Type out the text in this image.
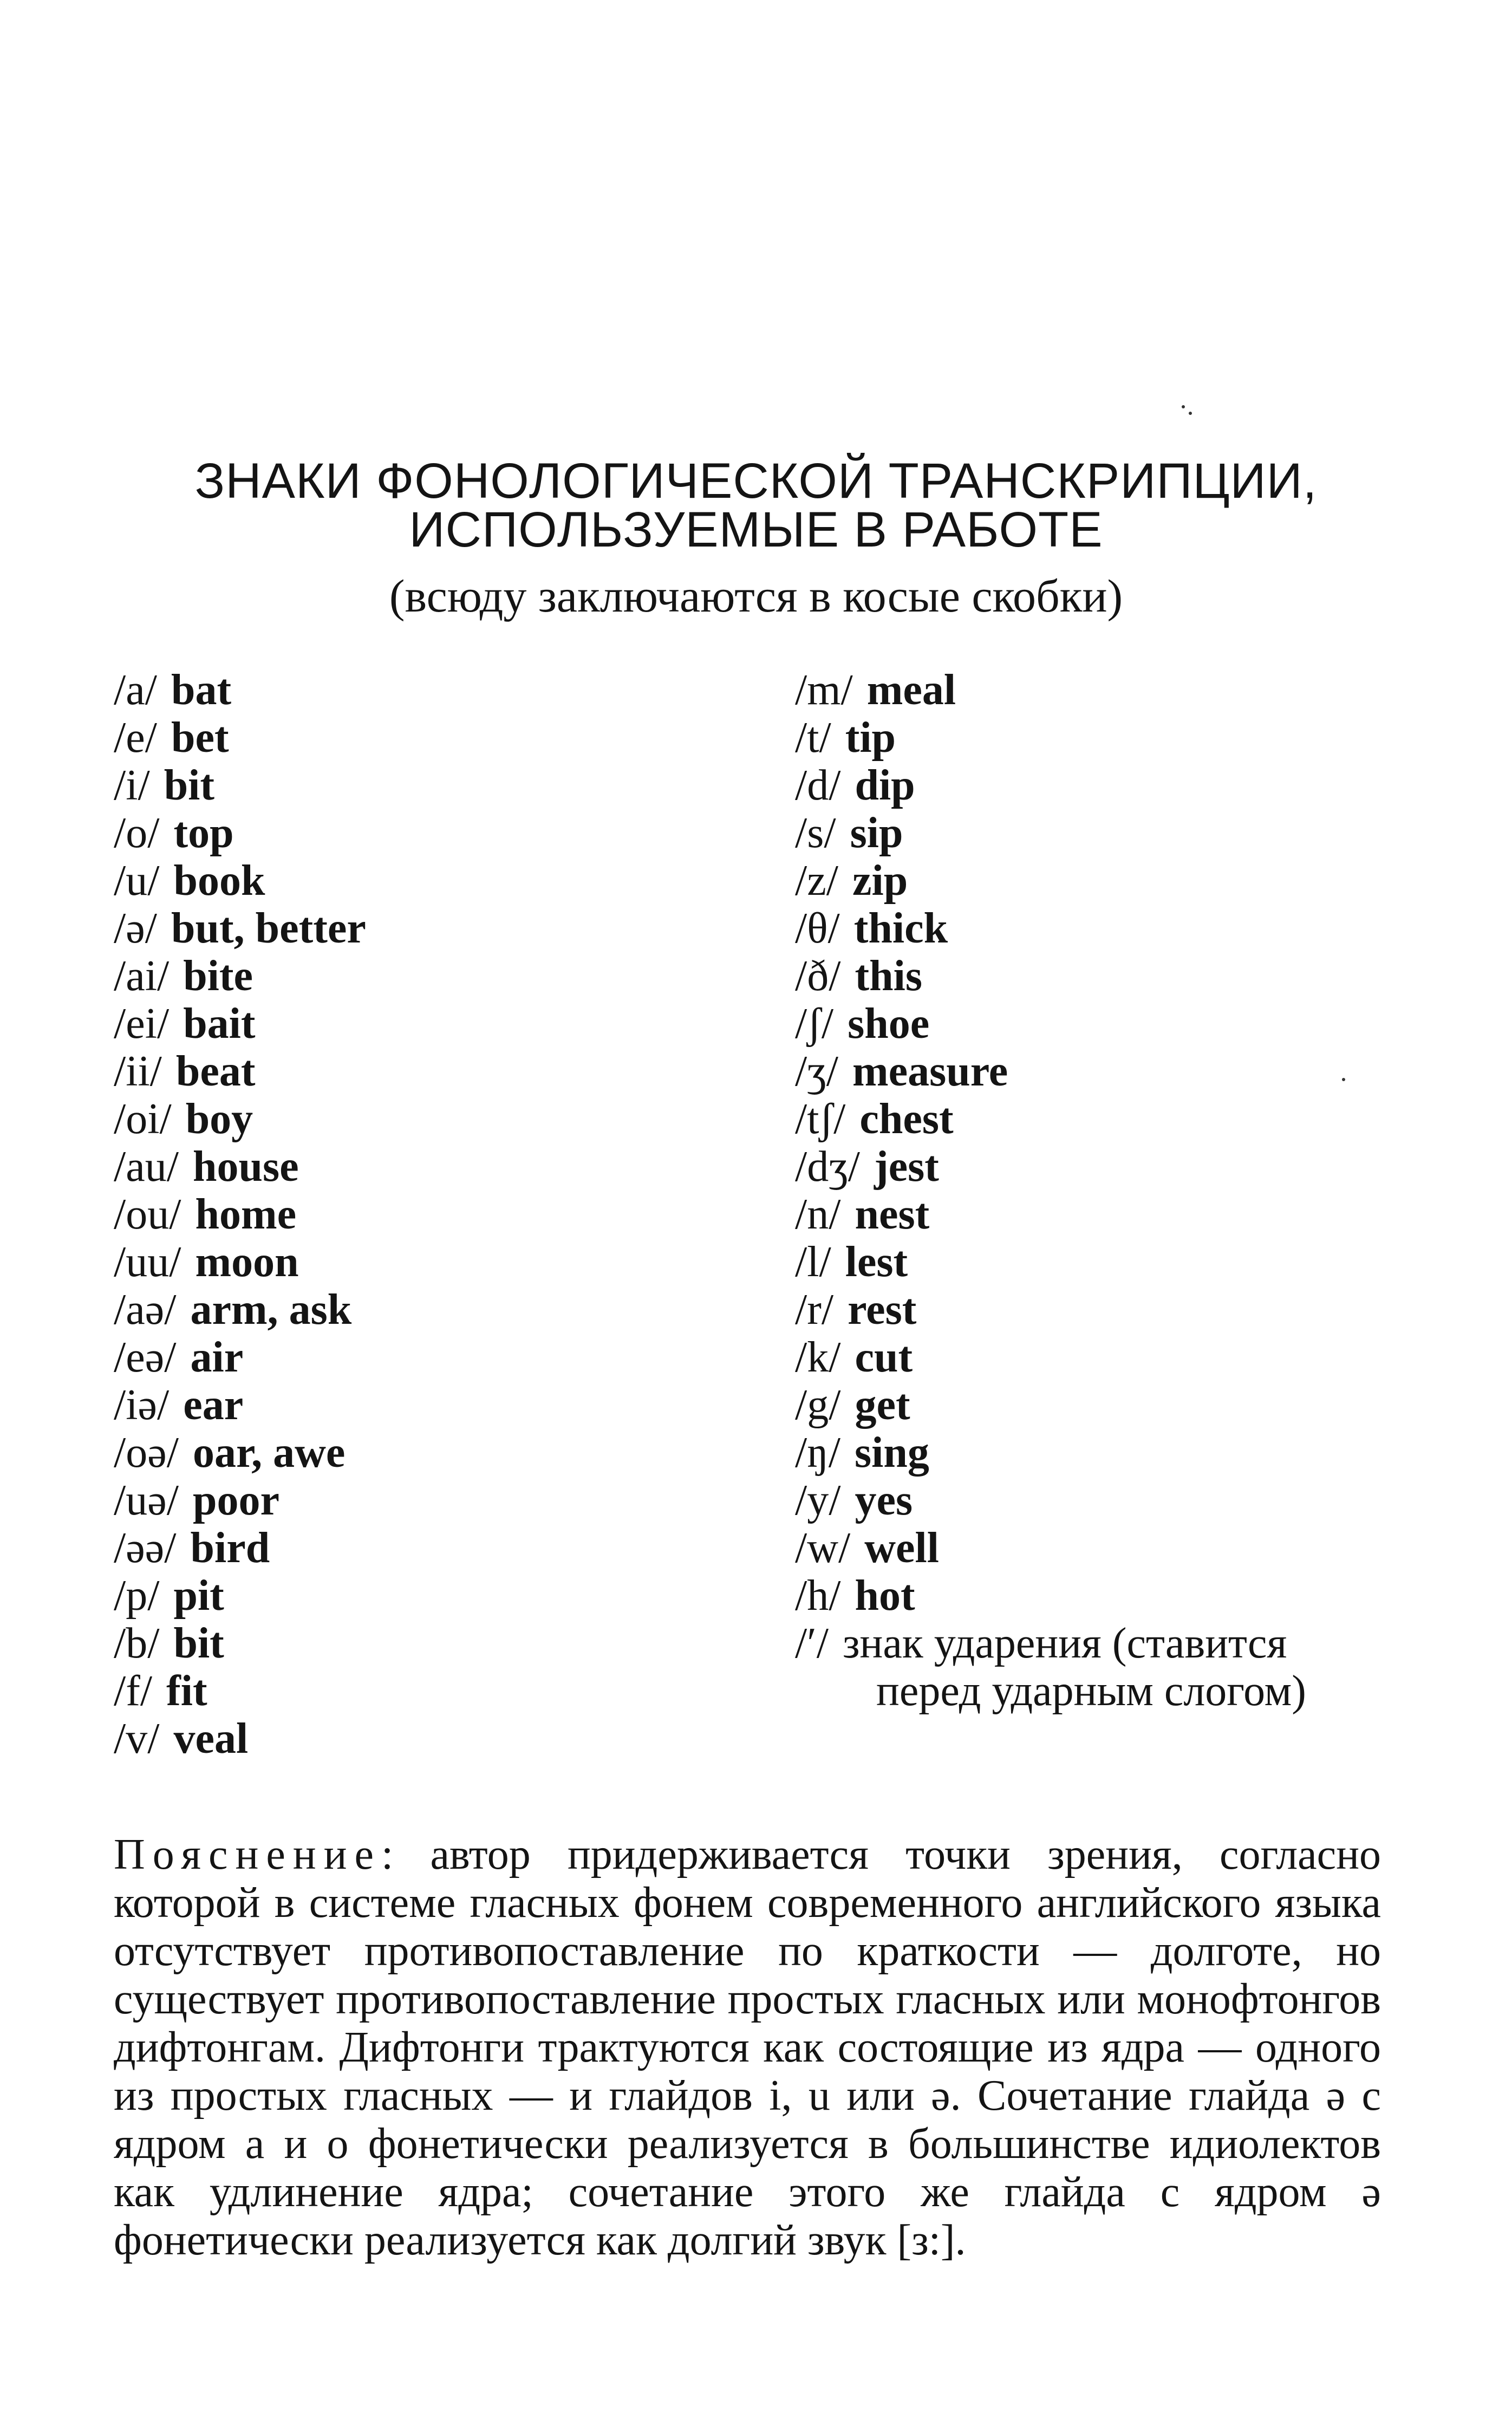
ЗНАКИ ФОНОЛОГИЧЕСКОЙ ТРАНСКРИПЦИИ,
ИСПОЛЬЗУЕМЫЕ В РАБОТЕ
(всюду заключаются в косые скобки)
/a/ bat
/e/ bet
/i/ bit
/o/ top
/u/ book
/ə/ but, better
/ai/ bite
/ei/ bait
/ii/ beat
/oi/ boy
/au/ house
/ou/ home
/uu/ moon
/aə/ arm, ask
/eə/ air
/iə/ ear
/oə/ oar, awe
/uə/ poor
/əə/ bird
/p/ pit
/b/ bit
/f/ fit
/v/ veal
/m/ meal
/t/ tip
/d/ dip
/s/ sip
/z/ zip
/θ/ thick
/ð/ this
/ʃ/ shoe
/ʒ/ measure
/tʃ/ chest
/dʒ/ jest
/n/ nest
/l/ lest
/r/ rest
/k/ cut
/g/ get
/ŋ/ sing
/y/ yes
/w/ well
/h/ hot
/ʹ/ знак ударения (ставится
перед ударным слогом)

Пояснение: автор придерживается точки зрения, согласно которой в системе гласных фонем современного английского языка отсутствует противопоставление по краткости — долготе, но существует противопоставление простых гласных или монофтонгов дифтонгам. Дифтонги трактуются как состоящие из ядра — одного из простых гласных — и глайдов i, u или ə. Сочетание глайда ə с ядром a и o фонетически реализуется в большинстве идиолектов как удлинение ядра; сочетание этого же глайда с ядром ə фонетически реализуется как долгий звук [з:].
